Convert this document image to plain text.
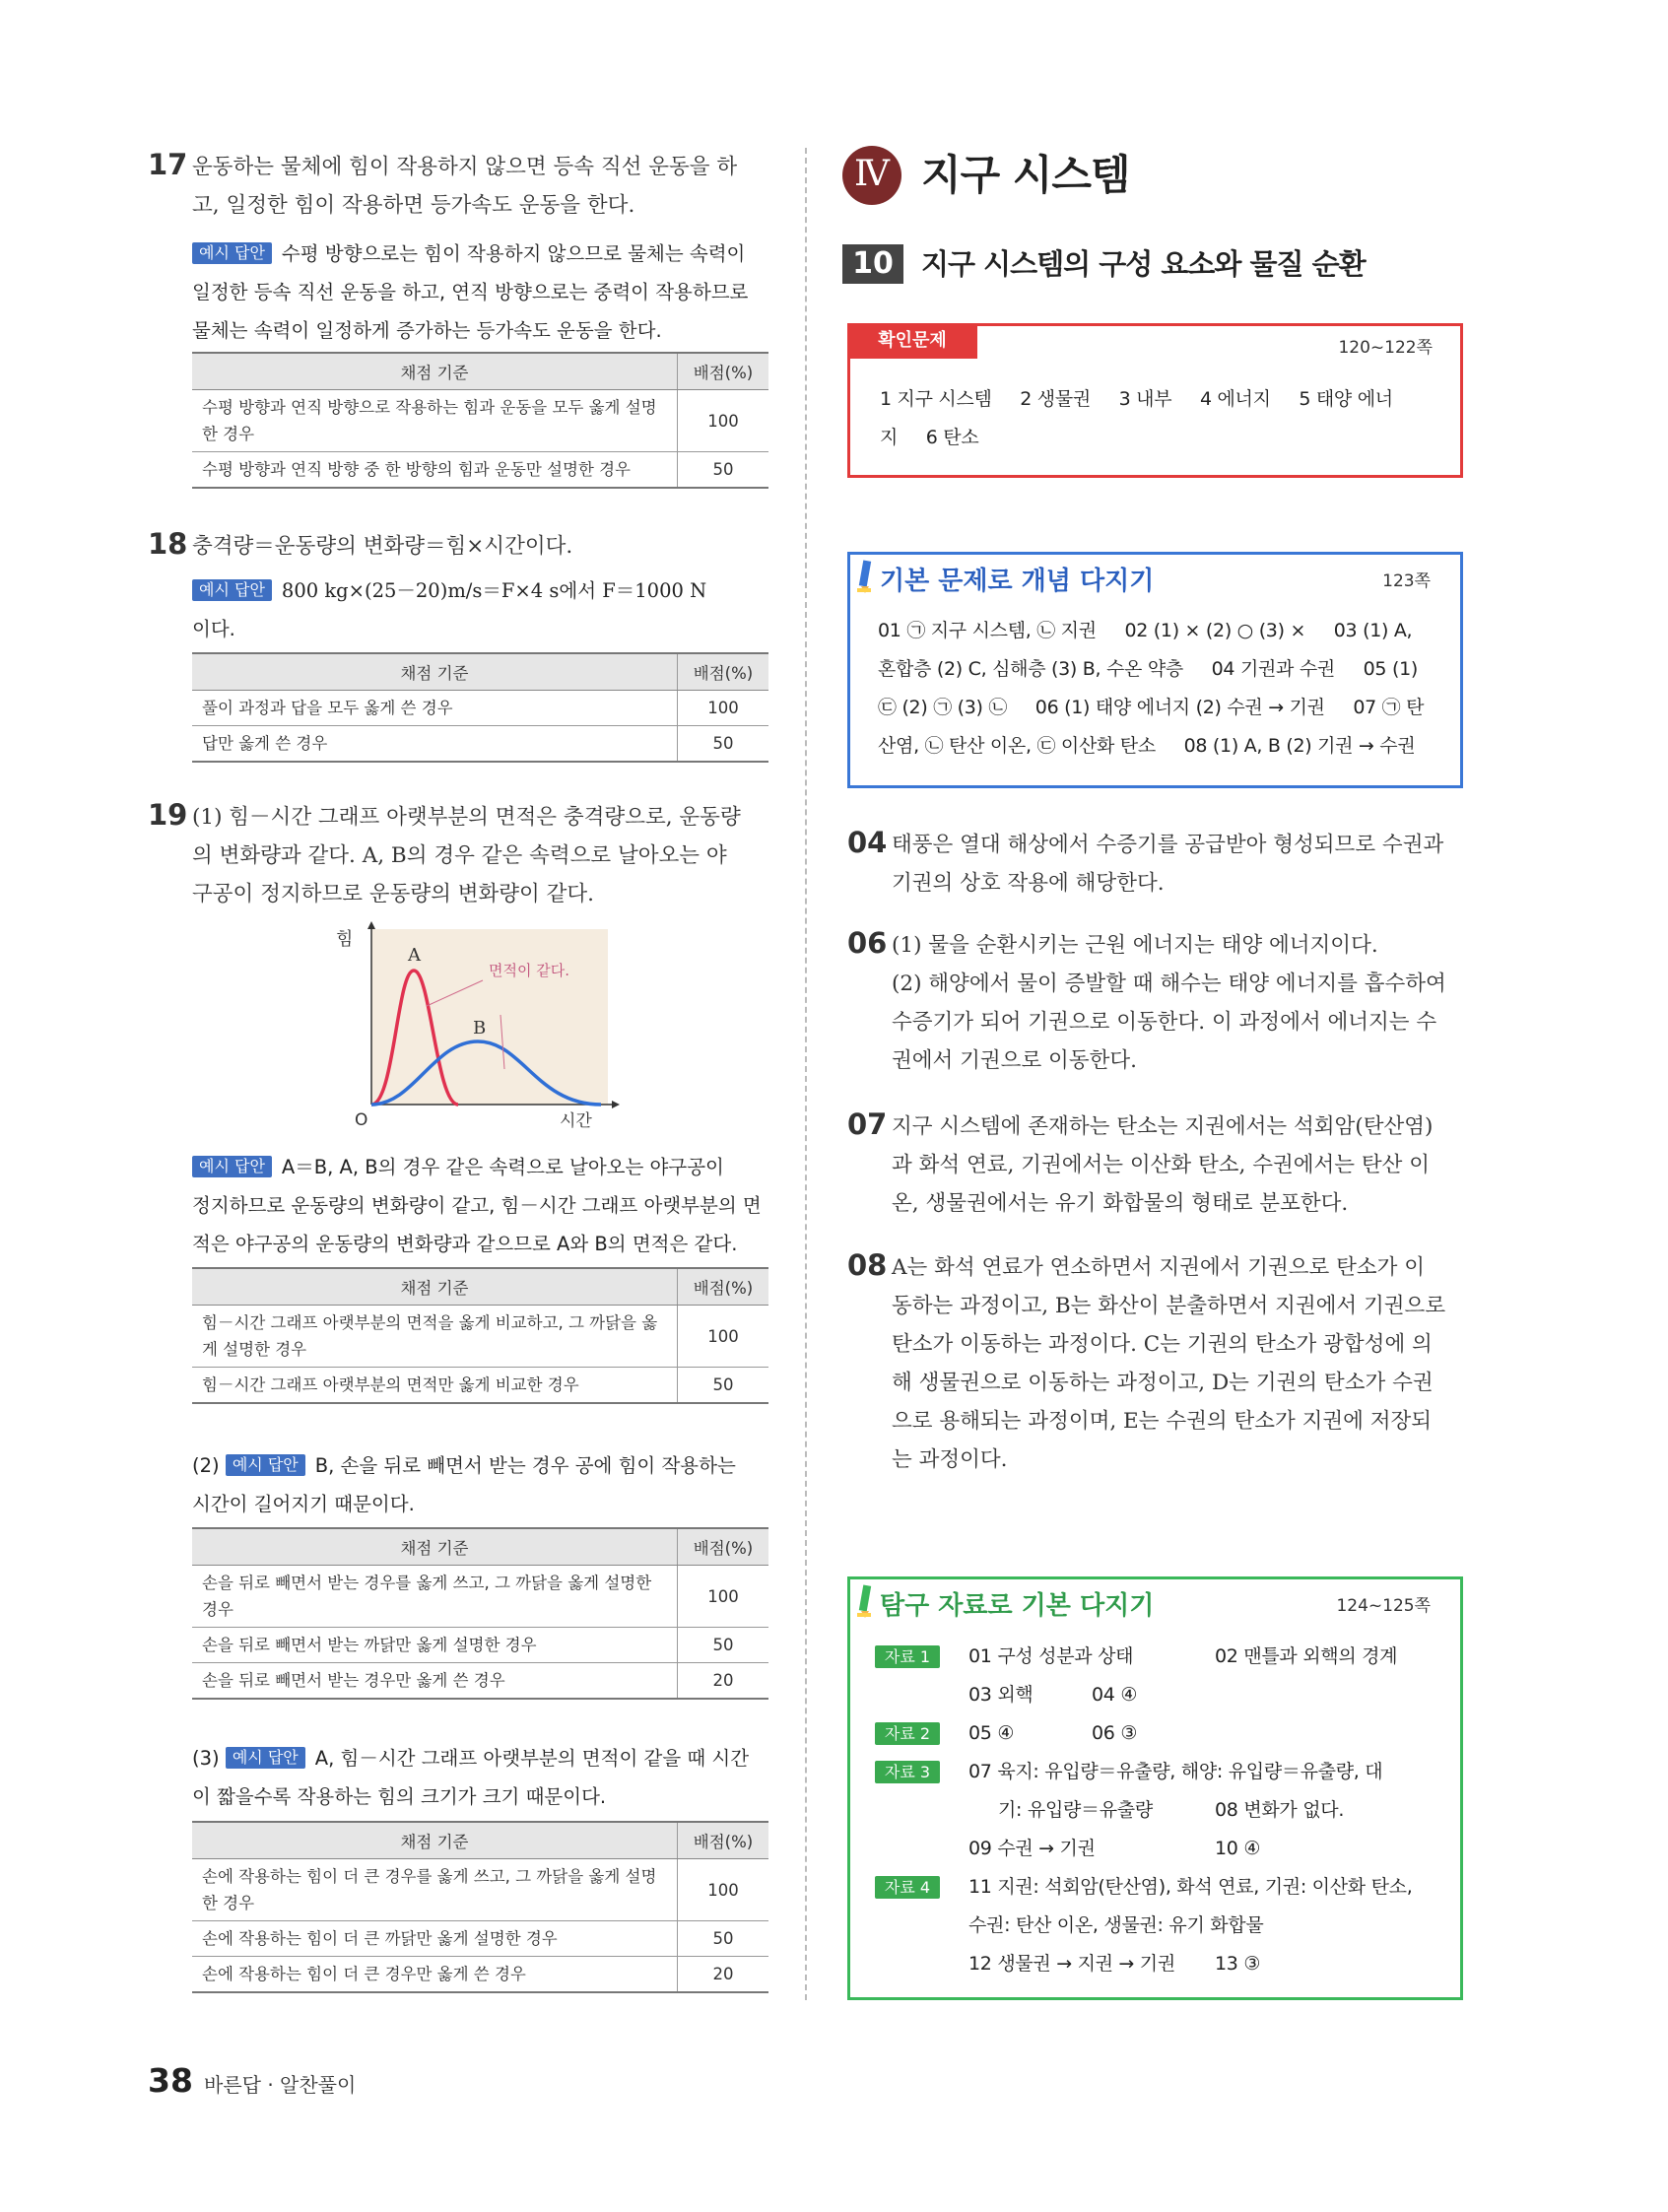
17 운동하는 물체에 힘이 작용하지 않으면 등속 직선 운동을 하
고, 일정한 힘이 작용하면 등가속도 운동을 한다.
예시 답안 수평 방향으로는 힘이 작용하지 않으므로 물체는 속력이
일정한 등속 직선 운동을 하고, 연직 방향으로는 중력이 작용하므로
물체는 속력이 일정하게 증가하는 등가속도 운동을 한다.
채점 기준	배점(%)
수평 방향과 연직 방향으로 작용하는 힘과 운동을 모두 옳게 설명한 경우	100
수평 방향과 연직 방향 중 한 방향의 힘과 운동만 설명한 경우	50
18 충격량＝운동량의 변화량＝힘×시간이다.
예시 답안 800 kg×(25－20)m/s＝F×4 s에서 F＝1000 N
이다.
채점 기준	배점(%)
풀이 과정과 답을 모두 옳게 쓴 경우	100
답만 옳게 쓴 경우	50
19 (1) 힘－시간 그래프 아랫부분의 면적은 충격량으로, 운동량
의 변화량과 같다. A, B의 경우 같은 속력으로 날아오는 야
구공이 정지하므로 운동량의 변화량이 같다.
힘
A
B
면적이 같다.
O	시간
예시 답안 A＝B, A, B의 경우 같은 속력으로 날아오는 야구공이
정지하므로 운동량의 변화량이 같고, 힘－시간 그래프 아랫부분의 면
적은 야구공의 운동량의 변화량과 같으므로 A와 B의 면적은 같다.
채점 기준	배점(%)
힘－시간 그래프 아랫부분의 면적을 옳게 비교하고, 그 까닭을 옳게 설명한 경우	100
힘－시간 그래프 아랫부분의 면적만 옳게 비교한 경우	50
(2) 예시 답안 B, 손을 뒤로 빼면서 받는 경우 공에 힘이 작용하는
시간이 길어지기 때문이다.
채점 기준	배점(%)
손을 뒤로 빼면서 받는 경우를 옳게 쓰고, 그 까닭을 옳게 설명한 경우	100
손을 뒤로 빼면서 받는 까닭만 옳게 설명한 경우	50
손을 뒤로 빼면서 받는 경우만 옳게 쓴 경우	20
(3) 예시 답안 A, 힘－시간 그래프 아랫부분의 면적이 같을 때 시간
이 짧을수록 작용하는 힘의 크기가 크기 때문이다.
채점 기준	배점(%)
손에 작용하는 힘이 더 큰 경우를 옳게 쓰고, 그 까닭을 옳게 설명한 경우	100
손에 작용하는 힘이 더 큰 까닭만 옳게 설명한 경우	50
손에 작용하는 힘이 더 큰 경우만 옳게 쓴 경우	20
Ⅳ 지구 시스템
10 지구 시스템의 구성 요소와 물질 순환
확인문제	120~122쪽
1 지구 시스템     2 생물권     3 내부     4 에너지     5 태양 에너
지     6 탄소
기본 문제로 개념 다지기	123쪽
01 ㉠ 지구 시스템, ㉡ 지권     02 (1) × (2) ○ (3) ×     03 (1) A,
혼합층 (2) C, 심해층 (3) B, 수온 약층     04 기권과 수권     05 (1)
㉢ (2) ㉠ (3) ㉡     06 (1) 태양 에너지 (2) 수권 → 기권     07 ㉠ 탄
산염, ㉡ 탄산 이온, ㉢ 이산화 탄소     08 (1) A, B (2) 기권 → 수권
04 태풍은 열대 해상에서 수증기를 공급받아 형성되므로 수권과
기권의 상호 작용에 해당한다.
06 (1) 물을 순환시키는 근원 에너지는 태양 에너지이다.
(2) 해양에서 물이 증발할 때 해수는 태양 에너지를 흡수하여
수증기가 되어 기권으로 이동한다. 이 과정에서 에너지는 수
권에서 기권으로 이동한다.
07 지구 시스템에 존재하는 탄소는 지권에서는 석회암(탄산염)
과 화석 연료, 기권에서는 이산화 탄소, 수권에서는 탄산 이
온, 생물권에서는 유기 화합물의 형태로 분포한다.
08 A는 화석 연료가 연소하면서 지권에서 기권으로 탄소가 이
동하는 과정이고, B는 화산이 분출하면서 지권에서 기권으로
탄소가 이동하는 과정이다. C는 기권의 탄소가 광합성에 의
해 생물권으로 이동하는 과정이고, D는 기권의 탄소가 수권
으로 용해되는 과정이며, E는 수권의 탄소가 지권에 저장되
는 과정이다.
탐구 자료로 기본 다지기	124~125쪽
자료 1	01 구성 성분과 상태	02 맨틀과 외핵의 경계
03 외핵	04 ④
자료 2	05 ④	06 ③
자료 3	07 육지: 유입량＝유출량, 해양: 유입량＝유출량, 대
기: 유입량＝유출량	08 변화가 없다.
09 수권 → 기권	10 ④
자료 4	11 지권: 석회암(탄산염), 화석 연료, 기권: 이산화 탄소,
수권: 탄산 이온, 생물권: 유기 화합물
12 생물권 → 지권 → 기권 13 ③
38 바른답 · 알찬풀이
